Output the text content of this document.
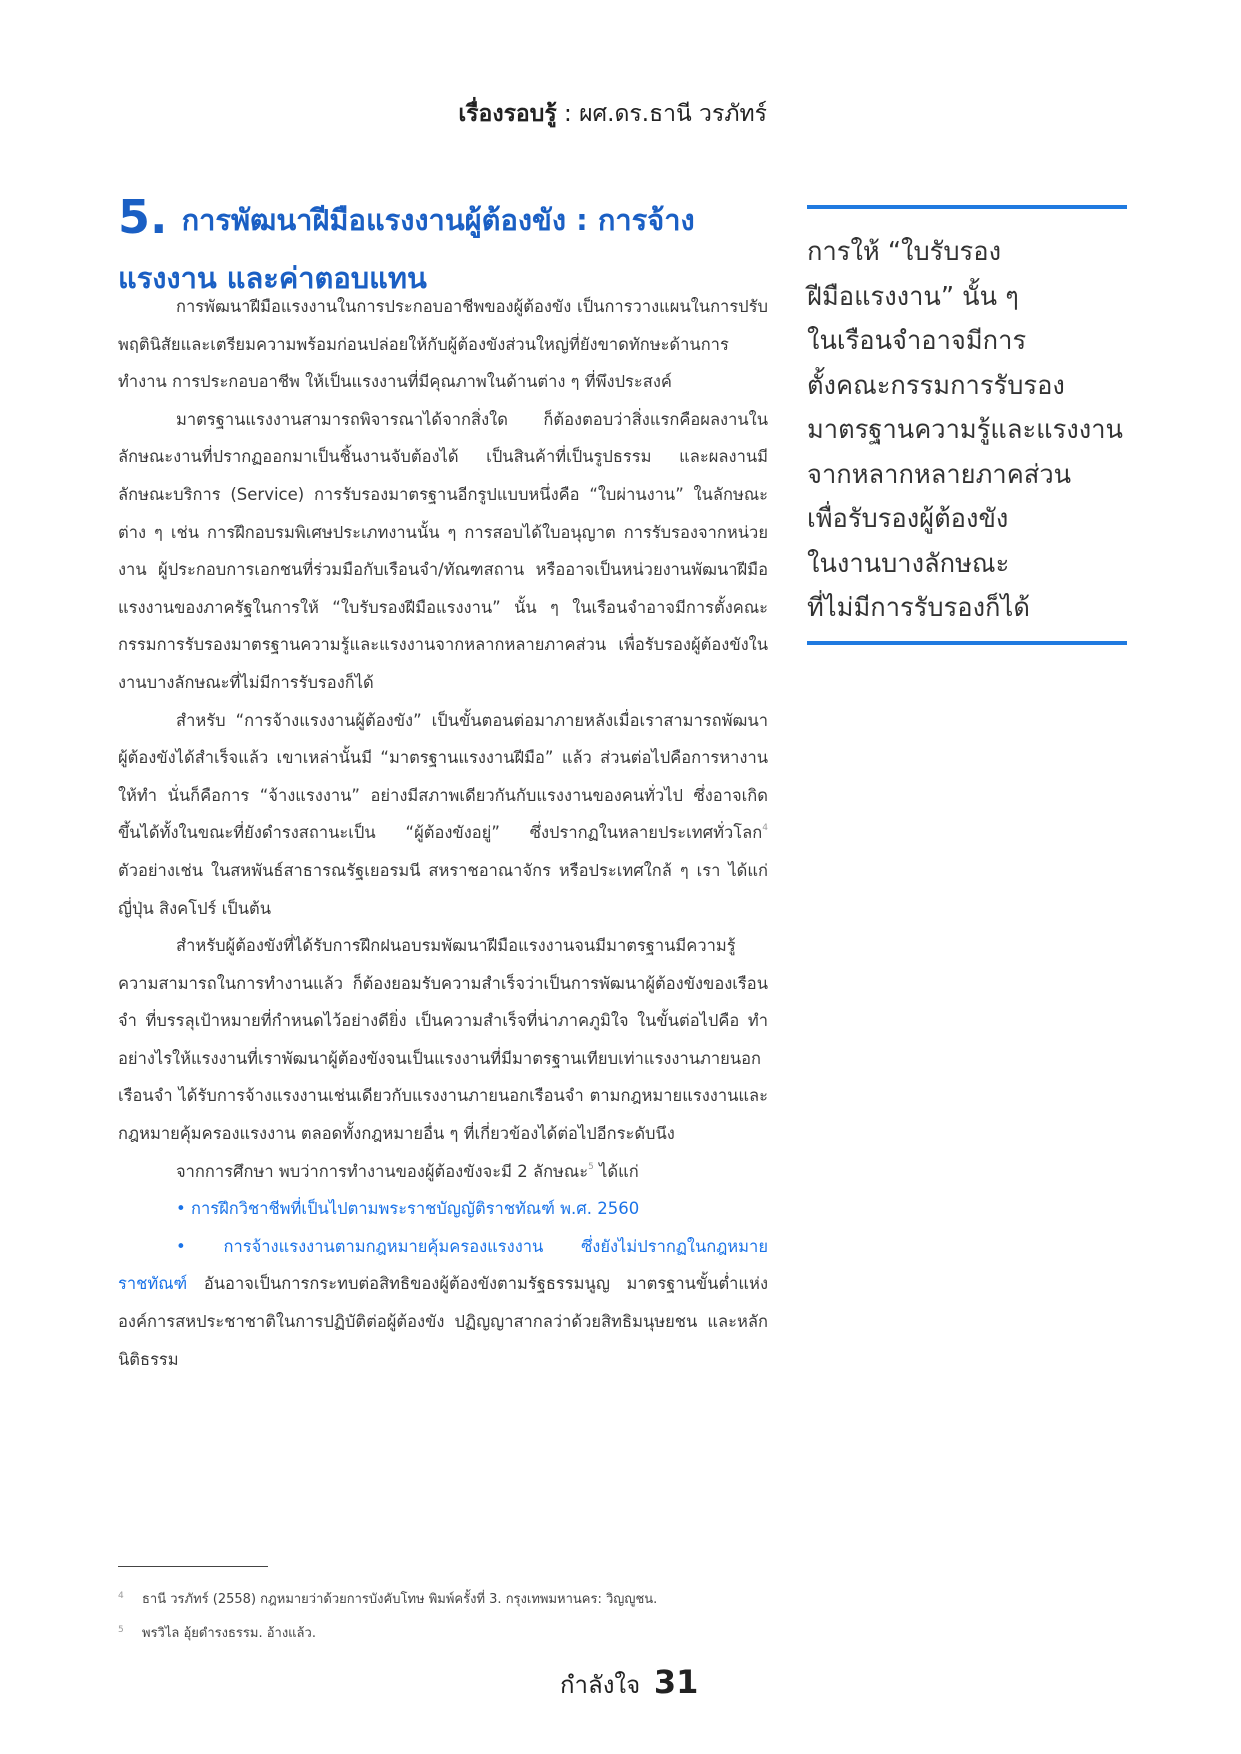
เรื่องรอบรู้ : ผศ.ดร.ธานี วรภัทร์
5. การพัฒนาฝีมือแรงงานผู้ต้องขัง : การจ้าง
แรงงาน และค่าตอบแทน

การพัฒนาฝีมือแรงงานในการประกอบอาชีพของผู้ต้องขัง เป็นการวางแผนในการปรับพฤตินิสัยและเตรียมความพร้อมก่อนปล่อยให้กับผู้ต้องขังส่วนใหญ่ที่ยังขาดทักษะด้านการทำงาน การประกอบอาชีพ ให้เป็นแรงงานที่มีคุณภาพในด้านต่าง ๆ ที่พึงประสงค์

มาตรฐานแรงงานสามารถพิจารณาได้จากสิ่งใด ก็ต้องตอบว่าสิ่งแรกคือผลงานในลักษณะงานที่ปรากฏออกมาเป็นชิ้นงานจับต้องได้ เป็นสินค้าที่เป็นรูปธรรม และผลงานมีลักษณะบริการ (Service) การรับรองมาตรฐานอีกรูปแบบหนึ่งคือ “ใบผ่านงาน” ในลักษณะต่าง ๆ เช่น การฝึกอบรมพิเศษประเภทงานนั้น ๆ การสอบได้ใบอนุญาต การรับรองจากหน่วยงาน ผู้ประกอบการเอกชนที่ร่วมมือกับเรือนจำ/ทัณฑสถาน หรืออาจเป็นหน่วยงานพัฒนาฝีมือแรงงานของภาครัฐในการให้ “ใบรับรองฝีมือแรงงาน” นั้น ๆ ในเรือนจำอาจมีการตั้งคณะกรรมการรับรองมาตรฐานความรู้และแรงงานจากหลากหลายภาคส่วน เพื่อรับรองผู้ต้องขังในงานบางลักษณะที่ไม่มีการรับรองก็ได้

สำหรับ “การจ้างแรงงานผู้ต้องขัง” เป็นขั้นตอนต่อมาภายหลังเมื่อเราสามารถพัฒนาผู้ต้องขังได้สำเร็จแล้ว เขาเหล่านั้นมี “มาตรฐานแรงงานฝีมือ” แล้ว ส่วนต่อไปคือการหางานให้ทำ นั่นก็คือการ “จ้างแรงงาน” อย่างมีสภาพเดียวกันกับแรงงานของคนทั่วไป ซึ่งอาจเกิดขึ้นได้ทั้งในขณะที่ยังดำรงสถานะเป็น “ผู้ต้องขังอยู่” ซึ่งปรากฏในหลายประเทศทั่วโลก$^4$ ตัวอย่างเช่น ในสหพันธ์สาธารณรัฐเยอรมนี สหราชอาณาจักร หรือประเทศใกล้ ๆ เรา ได้แก่ ญี่ปุ่น สิงคโปร์ เป็นต้น

สำหรับผู้ต้องขังที่ได้รับการฝึกฝนอบรมพัฒนาฝีมือแรงงานจนมีมาตรฐานมีความรู้ความสามารถในการทำงานแล้ว ก็ต้องยอมรับความสำเร็จว่าเป็นการพัฒนาผู้ต้องขังของเรือนจำ ที่บรรลุเป้าหมายที่กำหนดไว้อย่างดียิ่ง เป็นความสำเร็จที่น่าภาคภูมิใจ ในขั้นต่อไปคือ ทำอย่างไรให้แรงงานที่เราพัฒนาผู้ต้องขังจนเป็นแรงงานที่มีมาตรฐานเทียบเท่าแรงงานภายนอกเรือนจำ ได้รับการจ้างแรงงานเช่นเดียวกับแรงงานภายนอกเรือนจำ ตามกฎหมายแรงงานและกฎหมายคุ้มครองแรงงาน ตลอดทั้งกฎหมายอื่น ๆ ที่เกี่ยวข้องได้ต่อไปอีกระดับนึง

จากการศึกษา พบว่าการทำงานของผู้ต้องขังจะมี 2 ลักษณะ$^5$ ได้แก่

• การฝึกวิชาชีพที่เป็นไปตามพระราชบัญญัติราชทัณฑ์ พ.ศ. 2560

• การจ้างแรงงานตามกฎหมายคุ้มครองแรงงาน ซึ่งยังไม่ปรากฏในกฎหมายราชทัณฑ์ อันอาจเป็นการกระทบต่อสิทธิของผู้ต้องขังตามรัฐธรรมนูญ มาตรฐานขั้นต่ำแห่งองค์การสหประชาชาติในการปฏิบัติต่อผู้ต้องขัง ปฏิญญาสากลว่าด้วยสิทธิมนุษยชน และหลักนิติธรรม

การให้ “ใบรับรอง
ฝีมือแรงงาน” นั้น ๆ
ในเรือนจำอาจมีการ
ตั้งคณะกรรมการรับรอง
มาตรฐานความรู้และแรงงาน
จากหลากหลายภาคส่วน
เพื่อรับรองผู้ต้องขัง
ในงานบางลักษณะ
ที่ไม่มีการรับรองก็ได้
4 ธานี วรภัทร์ (2558) กฎหมายว่าด้วยการบังคับโทษ พิมพ์ครั้งที่ 3. กรุงเทพมหานคร: วิญญูชน.
5 พรวิไล อุ้ยดำรงธรรม. อ้างแล้ว.
กำลังใจ 31
